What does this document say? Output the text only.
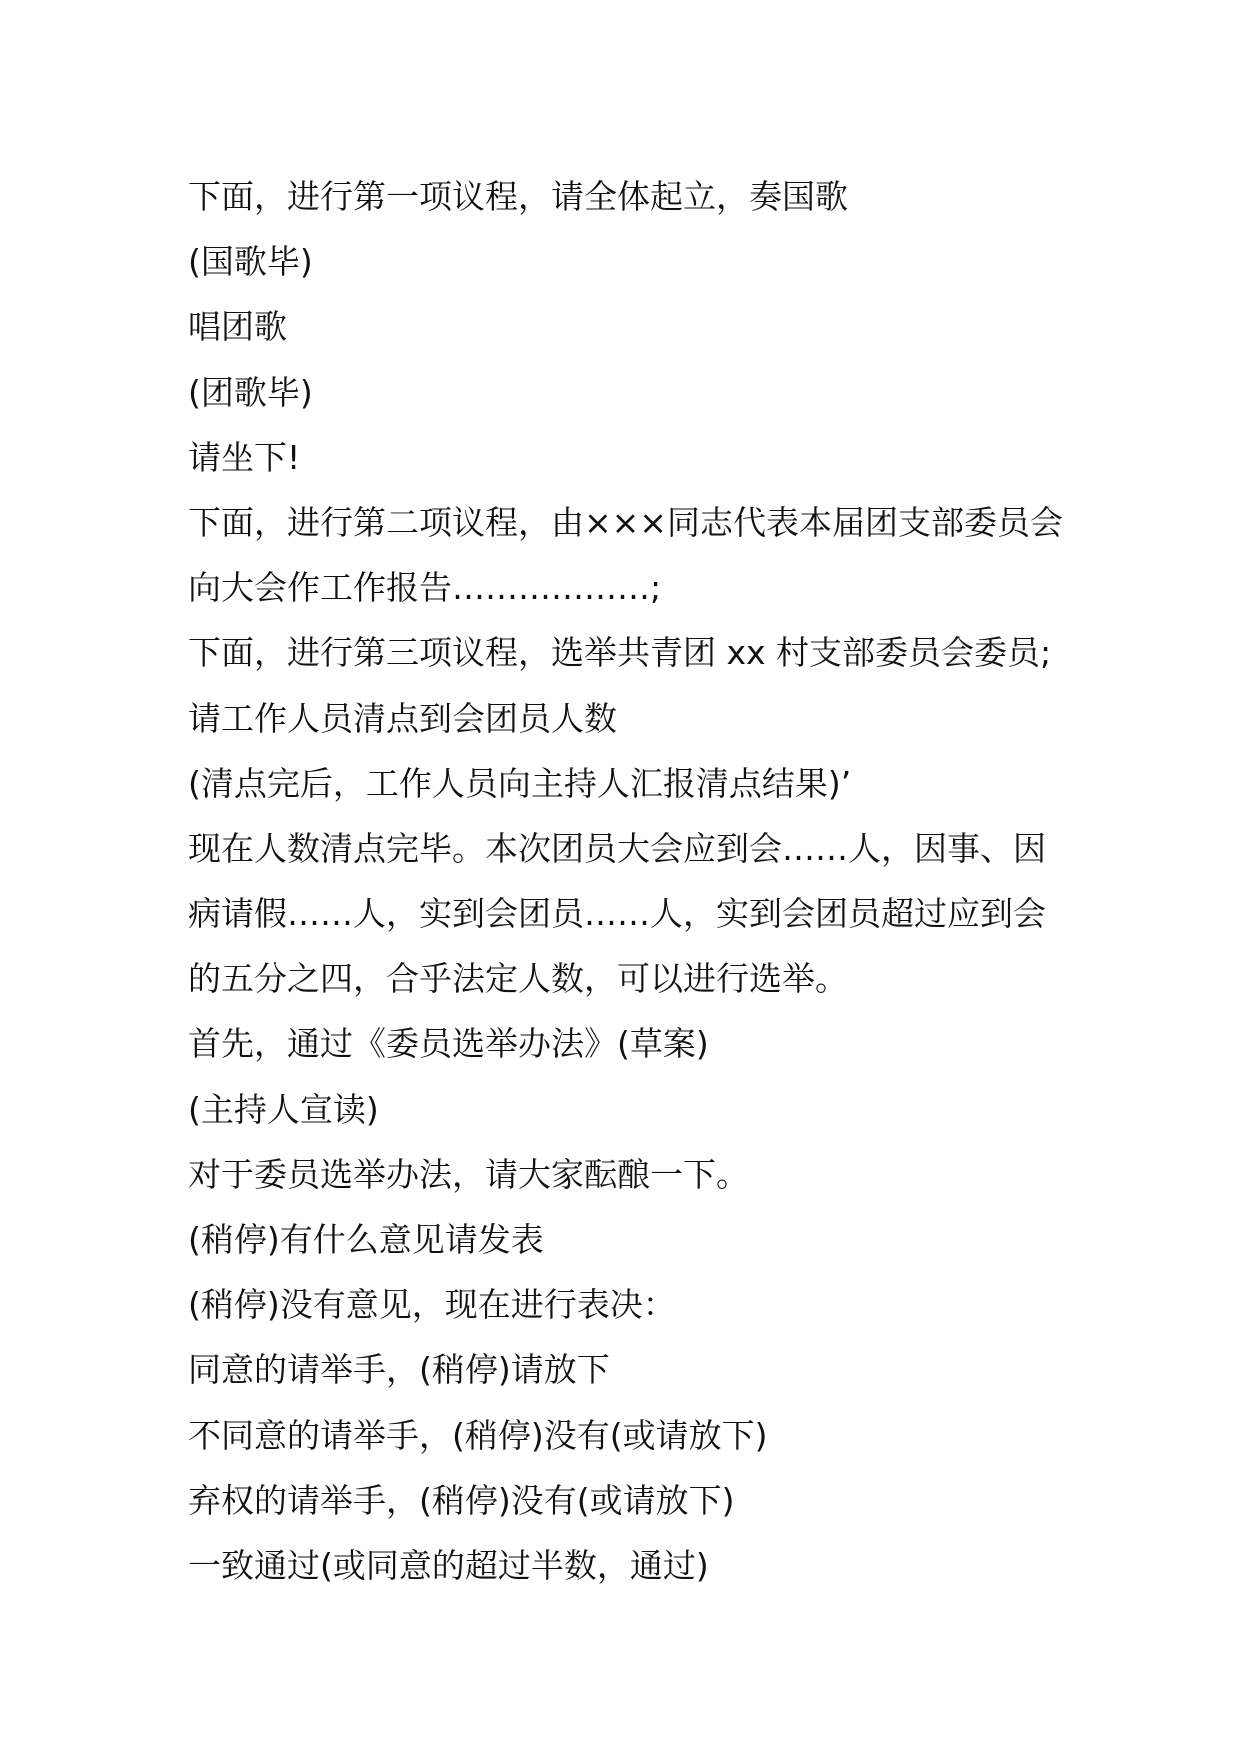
下面，进行第一项议程，请全体起立，奏国歌
(国歌毕)
唱团歌
(团歌毕)
请坐下!
下面，进行第二项议程，由×××同志代表本届团支部委员会
向大会作工作报告………………;
下面，进行第三项议程，选举共青团 xx 村支部委员会委员;
请工作人员清点到会团员人数
(清点完后，工作人员向主持人汇报清点结果)’
现在人数清点完毕。本次团员大会应到会……人，因事、因
病请假……人，实到会团员……人，实到会团员超过应到会
的五分之四，合乎法定人数，可以进行选举。
首先，通过《委员选举办法》(草案)
(主持人宣读)
对于委员选举办法，请大家酝酿一下。
(稍停)有什么意见请发表
(稍停)没有意见，现在进行表决：
同意的请举手，(稍停)请放下
不同意的请举手，(稍停)没有(或请放下)
弃权的请举手，(稍停)没有(或请放下)
一致通过(或同意的超过半数，通过)
